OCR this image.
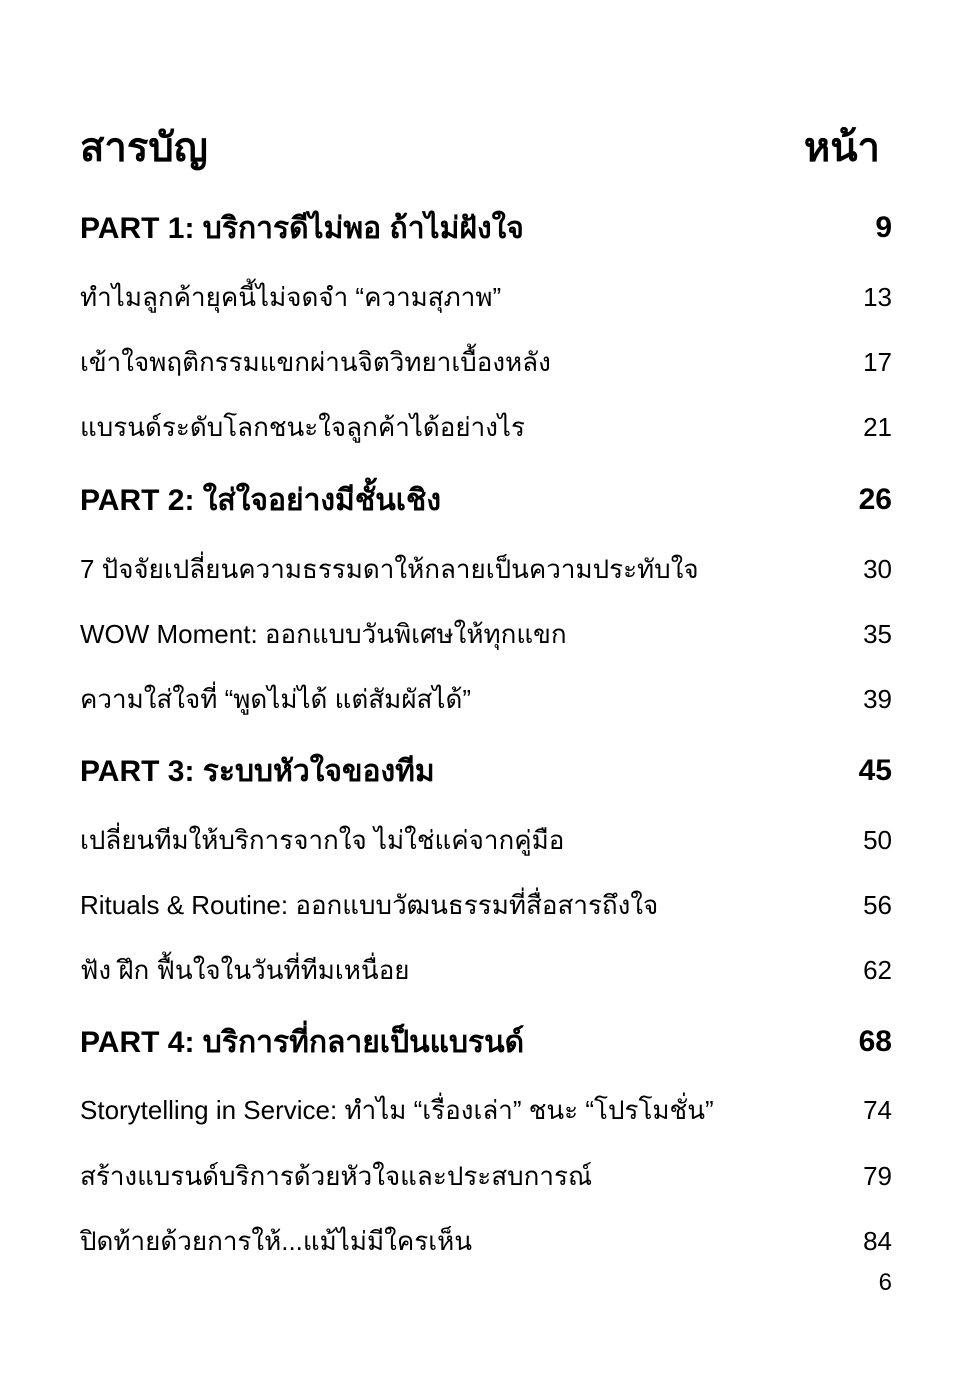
สารบัญ	หน้า
PART 1: บริการดีไม่พอ ถ้าไม่ฝังใจ	9
ทำไมลูกค้ายุคนี้ไม่จดจำ “ความสุภาพ”	13
เข้าใจพฤติกรรมแขกผ่านจิตวิทยาเบื้องหลัง	17
แบรนด์ระดับโลกชนะใจลูกค้าได้อย่างไร	21
PART 2: ใส่ใจอย่างมีชั้นเชิง	26
7 ปัจจัยเปลี่ยนความธรรมดาให้กลายเป็นความประทับใจ	30
WOW Moment: ออกแบบวันพิเศษให้ทุกแขก	35
ความใส่ใจที่ “พูดไม่ได้ แต่สัมผัสได้”	39
PART 3: ระบบหัวใจของทีม	45
เปลี่ยนทีมให้บริการจากใจ ไม่ใช่แค่จากคู่มือ	50
Rituals & Routine: ออกแบบวัฒนธรรมที่สื่อสารถึงใจ	56
ฟัง ฝึก ฟื้นใจในวันที่ทีมเหนื่อย	62
PART 4: บริการที่กลายเป็นแบรนด์	68
Storytelling in Service: ทำไม “เรื่องเล่า” ชนะ “โปรโมชั่น”	74
สร้างแบรนด์บริการด้วยหัวใจและประสบการณ์	79
ปิดท้ายด้วยการให้...แม้ไม่มีใครเห็น	84
6
